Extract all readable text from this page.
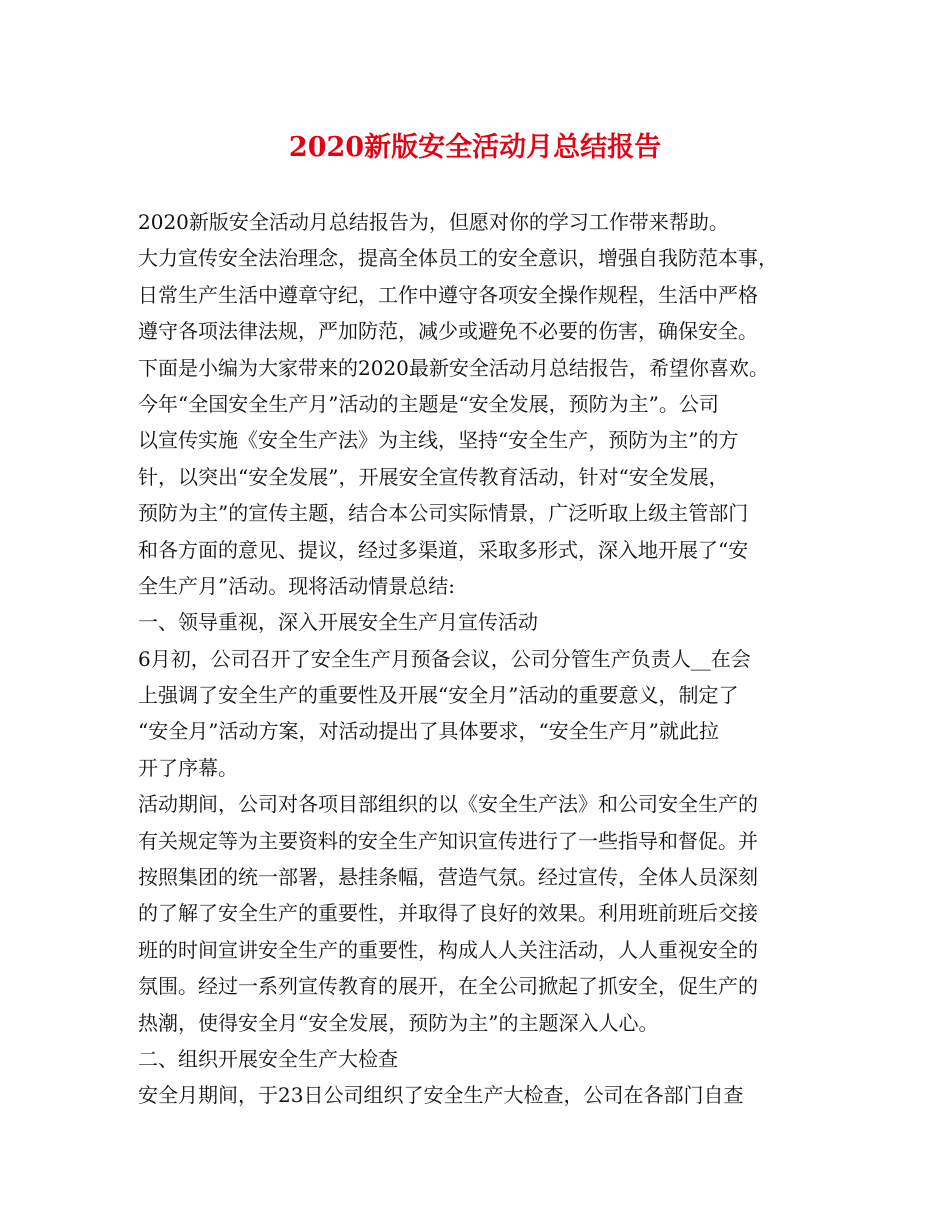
2020新版安全活动月总结报告
2020新版安全活动月总结报告为，但愿对你的学习工作带来帮助。
大力宣传安全法治理念，提高全体员工的安全意识，增强自我防范本事，
日常生产生活中遵章守纪，工作中遵守各项安全操作规程，生活中严格
遵守各项法律法规，严加防范，减少或避免不必要的伤害，确保安全。
下面是小编为大家带来的2020最新安全活动月总结报告，希望你喜欢。
今年“全国安全生产月”活动的主题是“安全发展，预防为主”。公司
以宣传实施《安全生产法》为主线，坚持“安全生产，预防为主”的方
针，以突出“安全发展”，开展安全宣传教育活动，针对“安全发展，
预防为主”的宣传主题，结合本公司实际情景，广泛听取上级主管部门
和各方面的意见、提议，经过多渠道，采取多形式，深入地开展了“安
全生产月”活动。现将活动情景总结:
一、领导重视，深入开展安全生产月宣传活动
6月初，公司召开了安全生产月预备会议，公司分管生产负责人__在会
上强调了安全生产的重要性及开展“安全月”活动的重要意义，制定了
“安全月”活动方案，对活动提出了具体要求，“安全生产月”就此拉
开了序幕。
活动期间，公司对各项目部组织的以《安全生产法》和公司安全生产的
有关规定等为主要资料的安全生产知识宣传进行了一些指导和督促。并
按照集团的统一部署，悬挂条幅，营造气氛。经过宣传，全体人员深刻
的了解了安全生产的重要性，并取得了良好的效果。利用班前班后交接
班的时间宣讲安全生产的重要性，构成人人关注活动，人人重视安全的
氛围。经过一系列宣传教育的展开，在全公司掀起了抓安全，促生产的
热潮，使得安全月“安全发展，预防为主”的主题深入人心。
二、组织开展安全生产大检查
安全月期间，于23日公司组织了安全生产大检查，公司在各部门自查
